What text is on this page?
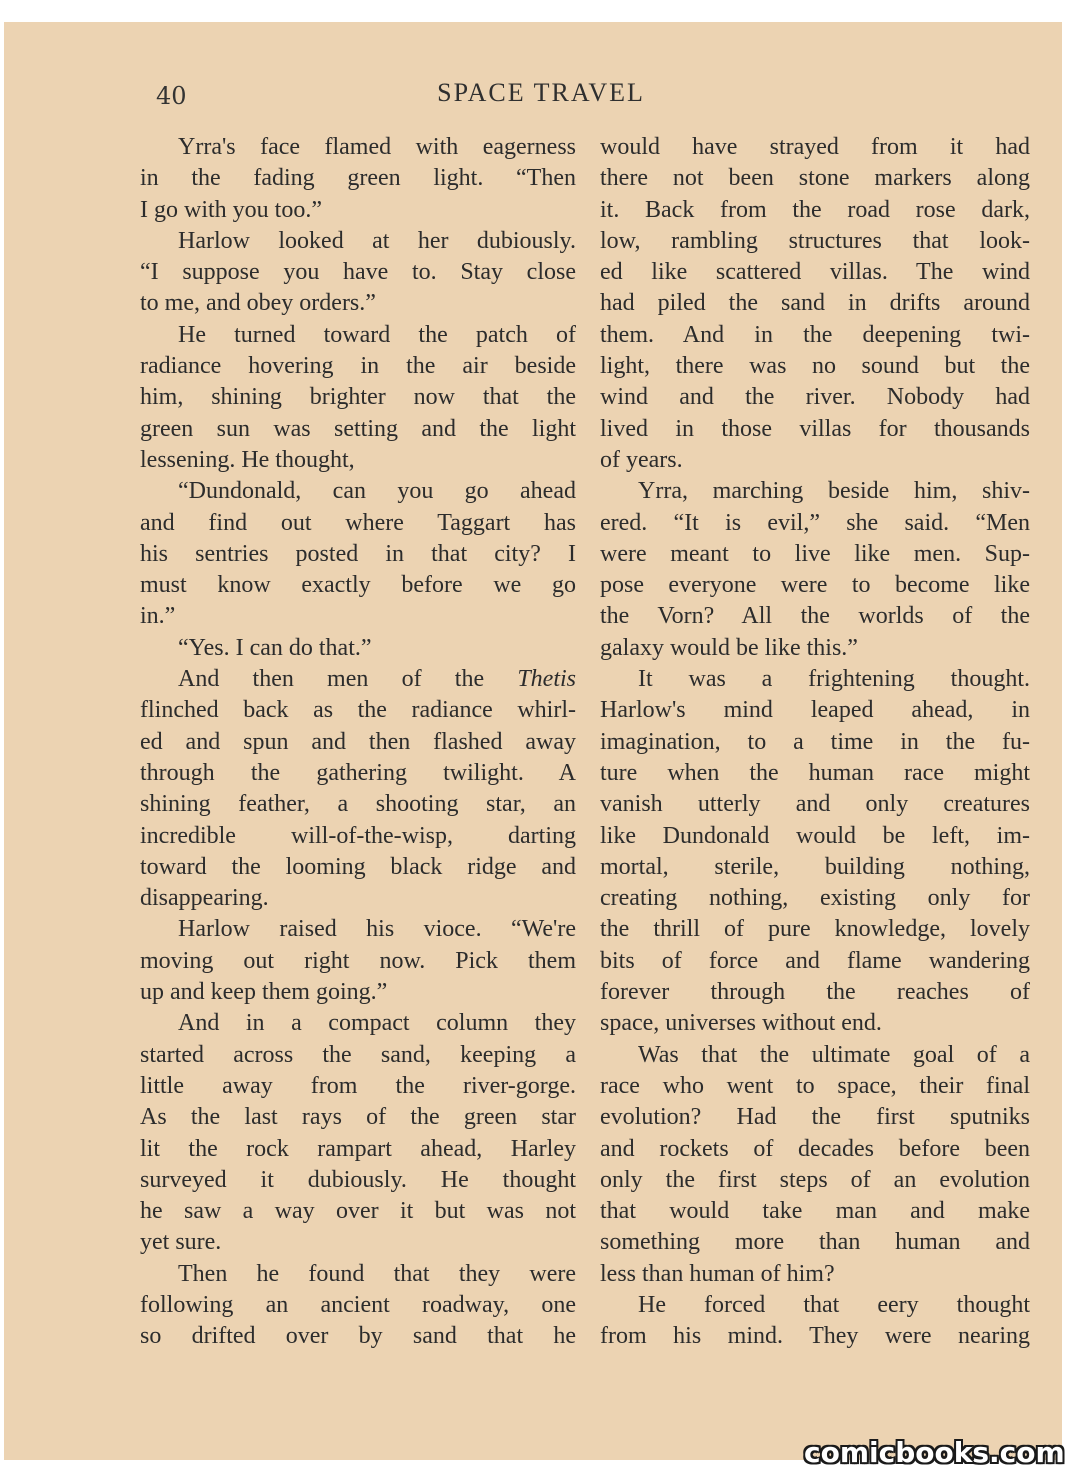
40	SPACE TRAVEL
Yrra's face flamed with eagerness
in the fading green light. “Then
I go with you too.”
Harlow looked at her dubiously.
“I suppose you have to. Stay close
to me, and obey orders.”
He turned toward the patch of
radiance hovering in the air beside
him, shining brighter now that the
green sun was setting and the light
lessening. He thought,
“Dundonald, can you go ahead
and find out where Taggart has
his sentries posted in that city? I
must know exactly before we go
in.”
“Yes. I can do that.”
And then men of the Thetis
flinched back as the radiance whirl-
ed and spun and then flashed away
through the gathering twilight. A
shining feather, a shooting star, an
incredible will-of-the-wisp, darting
toward the looming black ridge and
disappearing.
Harlow raised his vioce. “We're
moving out right now. Pick them
up and keep them going.”
And in a compact column they
started across the sand, keeping a
little away from the river-gorge.
As the last rays of the green star
lit the rock rampart ahead, Harley
surveyed it dubiously. He thought
he saw a way over it but was not
yet sure.
Then he found that they were
following an ancient roadway, one
so drifted over by sand that he
would have strayed from it had
there not been stone markers along
it. Back from the road rose dark,
low, rambling structures that look-
ed like scattered villas. The wind
had piled the sand in drifts around
them. And in the deepening twi-
light, there was no sound but the
wind and the river. Nobody had
lived in those villas for thousands
of years.
Yrra, marching beside him, shiv-
ered. “It is evil,” she said. “Men
were meant to live like men. Sup-
pose everyone were to become like
the Vorn? All the worlds of the
galaxy would be like this.”
It was a frightening thought.
Harlow's mind leaped ahead, in
imagination, to a time in the fu-
ture when the human race might
vanish utterly and only creatures
like Dundonald would be left, im-
mortal, sterile, building nothing,
creating nothing, existing only for
the thrill of pure knowledge, lovely
bits of force and flame wandering
forever through the reaches of
space, universes without end.
Was that the ultimate goal of a
race who went to space, their final
evolution? Had the first sputniks
and rockets of decades before been
only the first steps of an evolution
that would take man and make
something more than human and
less than human of him?
He forced that eery thought
from his mind. They were nearing
comicbooks.com
